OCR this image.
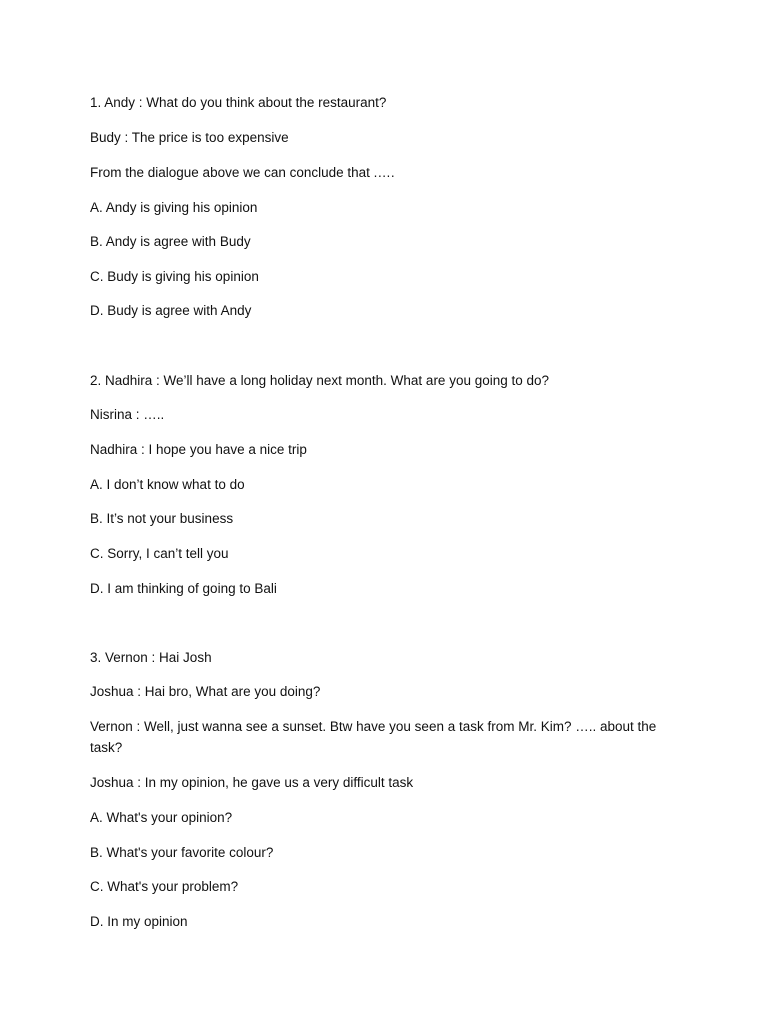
1. Andy : What do you think about the restaurant?
Budy : The price is too expensive
From the dialogue above we can conclude that .….
A. Andy is giving his opinion
B. Andy is agree with Budy
C. Budy is giving his opinion
D. Budy is agree with Andy
2. Nadhira : We’ll have a long holiday next month. What are you going to do?
Nisrina : …..
Nadhira : I hope you have a nice trip
A. I don’t know what to do
B. It’s not your business
C. Sorry, I can’t tell you
D. I am thinking of going to Bali
3. Vernon : Hai Josh
Joshua : Hai bro, What are you doing?
Vernon : Well, just wanna see a sunset. Btw have you seen a task from Mr. Kim? ….. about the task?
Joshua : In my opinion, he gave us a very difficult task
A. What's your opinion?
B. What's your favorite colour?
C. What's your problem?
D. In my opinion
